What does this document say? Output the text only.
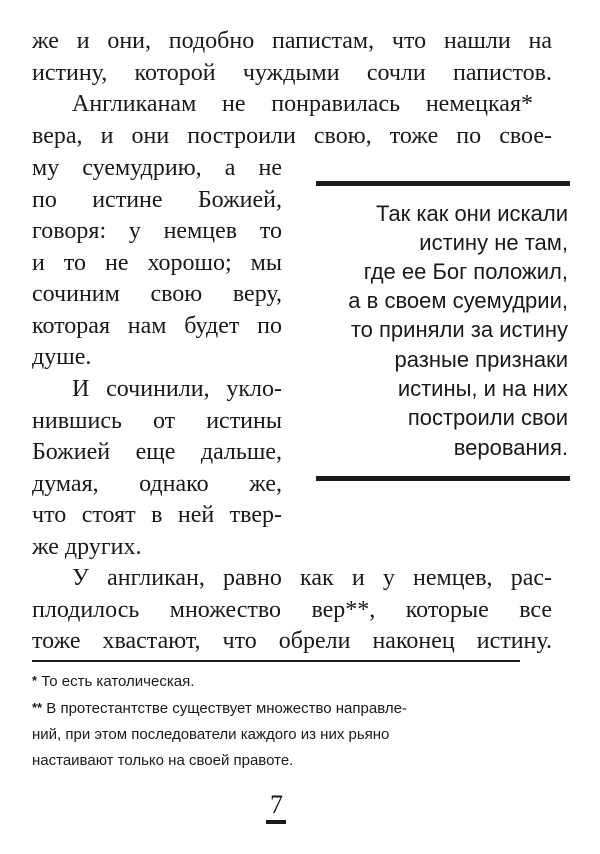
же и они, подобно папистам, что нашли на
истину, которой чуждыми сочли папистов.
Англиканам не понравилась немецкая*
вера, и они построили свою, тоже по свое-
му суемудрию, а не
по истине Божией,
говоря: у немцев то
и то не хорошо; мы
сочиним свою веру,
которая нам будет по
душе.
И сочинили, укло-
нившись от истины
Божией еще дальше,
думая, однако же,
что стоят в ней твер-
же других.
Так как они искали
истину не там,
где ее Бог положил,
а в своем суемудрии,
то приняли за истину
разные признаки
истины, и на них
построили свои
верования.
У англикан, равно как и у немцев, рас-
плодилось множество вер**, которые все
тоже хвастают, что обрели наконец истину.
* То есть католическая.
** В протестантстве существует множество направле-
ний, при этом последователи каждого из них рьяно
настаивают только на своей правоте.
7
